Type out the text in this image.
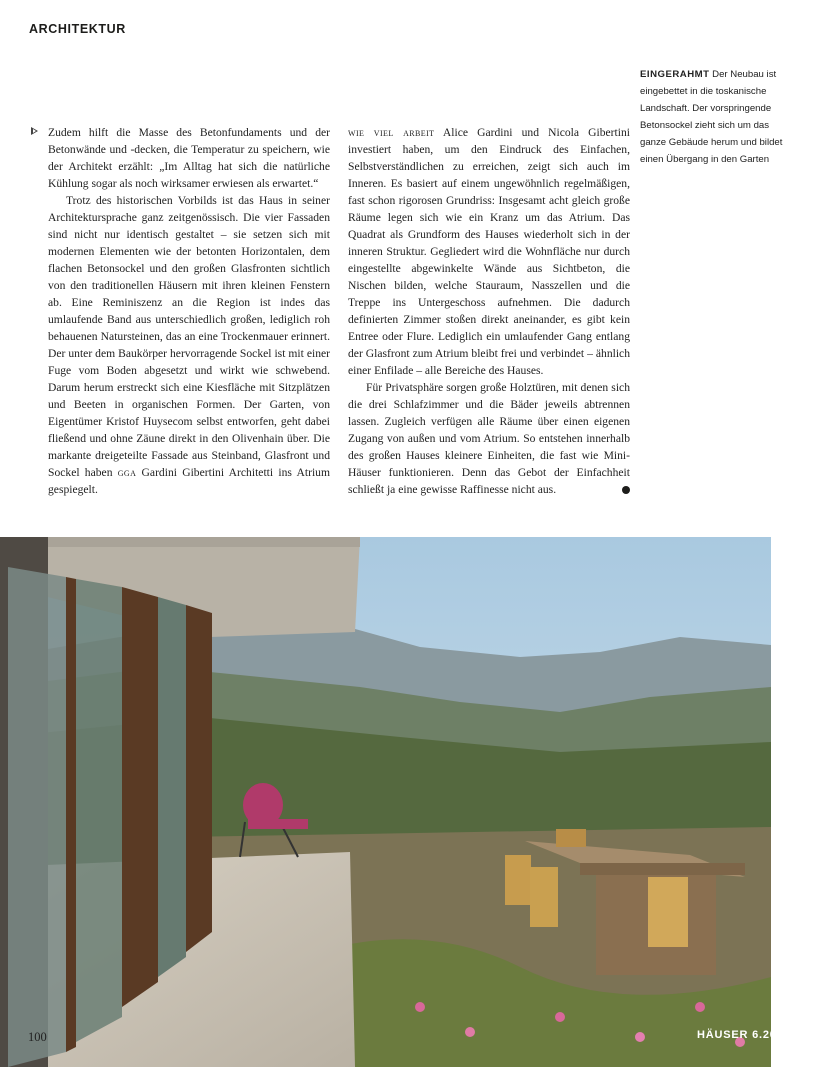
ARCHITEKTUR

EINGERAHMT Der Neubau ist eingebettet in die toskanische Landschaft. Der vorspringende Betonsockel zieht sich um das ganze Gebäude herum und bildet einen Übergang in den Garten

Zudem hilft die Masse des Betonfundaments und der Betonwände und -decken, die Temperatur zu speichern, wie der Architekt erzählt: „Im Alltag hat sich die natürliche Kühlung sogar als noch wirksamer erwiesen als erwartet.“

Trotz des historischen Vorbilds ist das Haus in seiner Architektursprache ganz zeitgenössisch. Die vier Fassaden sind nicht nur identisch gestaltet – sie setzen sich mit modernen Elementen wie der betonten Horizontalen, dem flachen Betonsockel und den großen Glasfronten sichtlich von den traditionellen Häusern mit ihren kleinen Fenstern ab. Eine Reminiszenz an die Region ist indes das umlaufende Band aus unterschiedlich großen, lediglich roh behauenen Natursteinen, das an eine Trockenmauer erinnert. Der unter dem Baukörper hervorragende Sockel ist mit einer Fuge vom Boden abgesetzt und wirkt wie schwebend. Darum herum erstreckt sich eine Kiesfläche mit Sitzplätzen und Beeten in organischen Formen. Der Garten, von Eigentümer Kristof Huysecom selbst entworfen, geht dabei fließend und ohne Zäune direkt in den Olivenhain über. Die markante dreigeteilte Fassade aus Steinband, Glasfront und Sockel haben gga Gardini Gibertini Architetti ins Atrium gespiegelt.

wie viel arbeit Alice Gardini und Nicola Gibertini investiert haben, um den Eindruck des Einfachen, Selbstverständlichen zu erreichen, zeigt sich auch im Inneren. Es basiert auf einem ungewöhnlich regelmäßigen, fast schon rigorosen Grundriss: Insgesamt acht gleich große Räume legen sich wie ein Kranz um das Atrium. Das Quadrat als Grundform des Hauses wiederholt sich in der inneren Struktur. Gegliedert wird die Wohnfläche nur durch eingestellte abgewinkelte Wände aus Sichtbeton, die Nischen bilden, welche Stauraum, Nasszellen und die Treppe ins Untergeschoss aufnehmen. Die dadurch definierten Zimmer stoßen direkt aneinander, es gibt kein Entree oder Flure. Lediglich ein umlaufender Gang entlang der Glasfront zum Atrium bleibt frei und verbindet – ähnlich einer Enfilade – alle Bereiche des Hauses.

Für Privatsphäre sorgen große Holztüren, mit denen sich die drei Schlafzimmer und die Bäder jeweils abtrennen lassen. Zugleich verfügen alle Räume über einen eigenen Zugang von außen und vom Atrium. So entstehen innerhalb des großen Hauses kleinere Einheiten, die fast wie Mini-Häuser funktionieren. Denn das Gebot der Einfachheit schließt ja eine gewisse Raffinesse nicht aus.

100	HÄUSER 6.2020
